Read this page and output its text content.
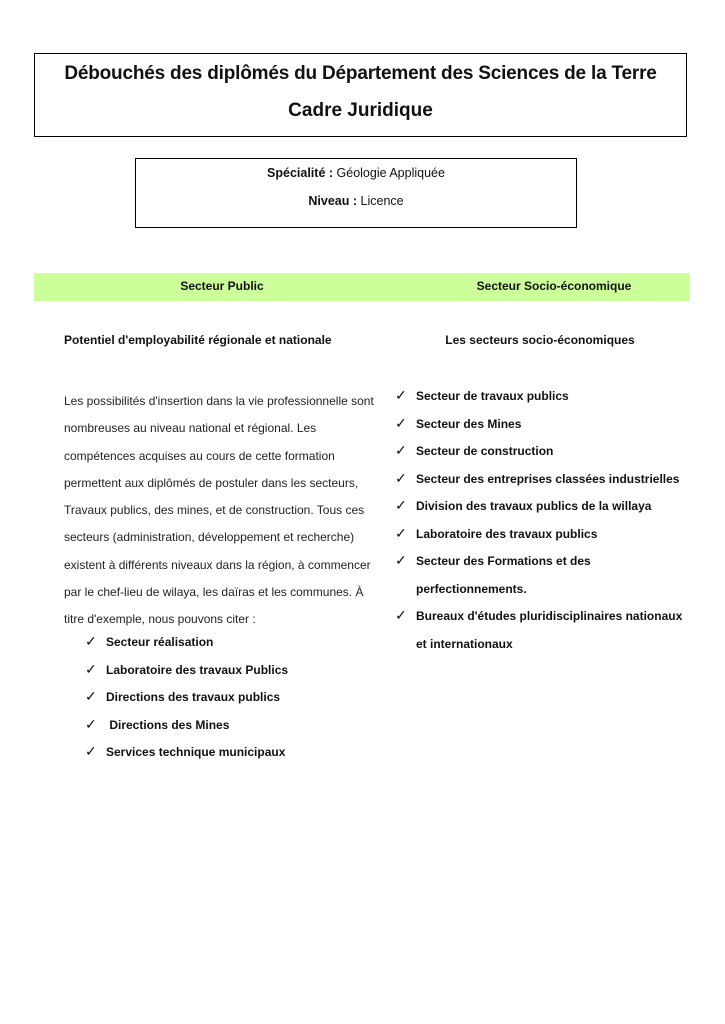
Débouchés des diplômés du Département des Sciences de la Terre
Cadre Juridique
Spécialité : Géologie Appliquée
Niveau : Licence
Secteur Public	Secteur Socio-économique
Potentiel d'employabilité régionale et nationale	Les secteurs socio-économiques

Les possibilités d'insertion dans la vie professionnelle sont nombreuses au niveau national et régional. Les compétences acquises au cours de cette formation permettent aux diplômés de postuler dans les secteurs, Travaux publics, des mines, et de construction. Tous ces secteurs (administration, développement et recherche) existent à différents niveaux dans la région, à commencer par le chef-lieu de wilaya, les daïras et les communes. À titre d'exemple, nous pouvons citer :

✓ Secteur réalisation
✓ Laboratoire des travaux Publics
✓ Directions des travaux publics
✓ Directions des Mines
✓ Services technique municipaux
✓ Secteur de travaux publics
✓ Secteur des Mines
✓ Secteur de construction
✓ Secteur des entreprises classées industrielles
✓ Division des travaux publics de la willaya
✓ Laboratoire des travaux publics
✓ Secteur des Formations et des
perfectionnements.
✓ Bureaux d'études pluridisciplinaires nationaux
et internationaux
